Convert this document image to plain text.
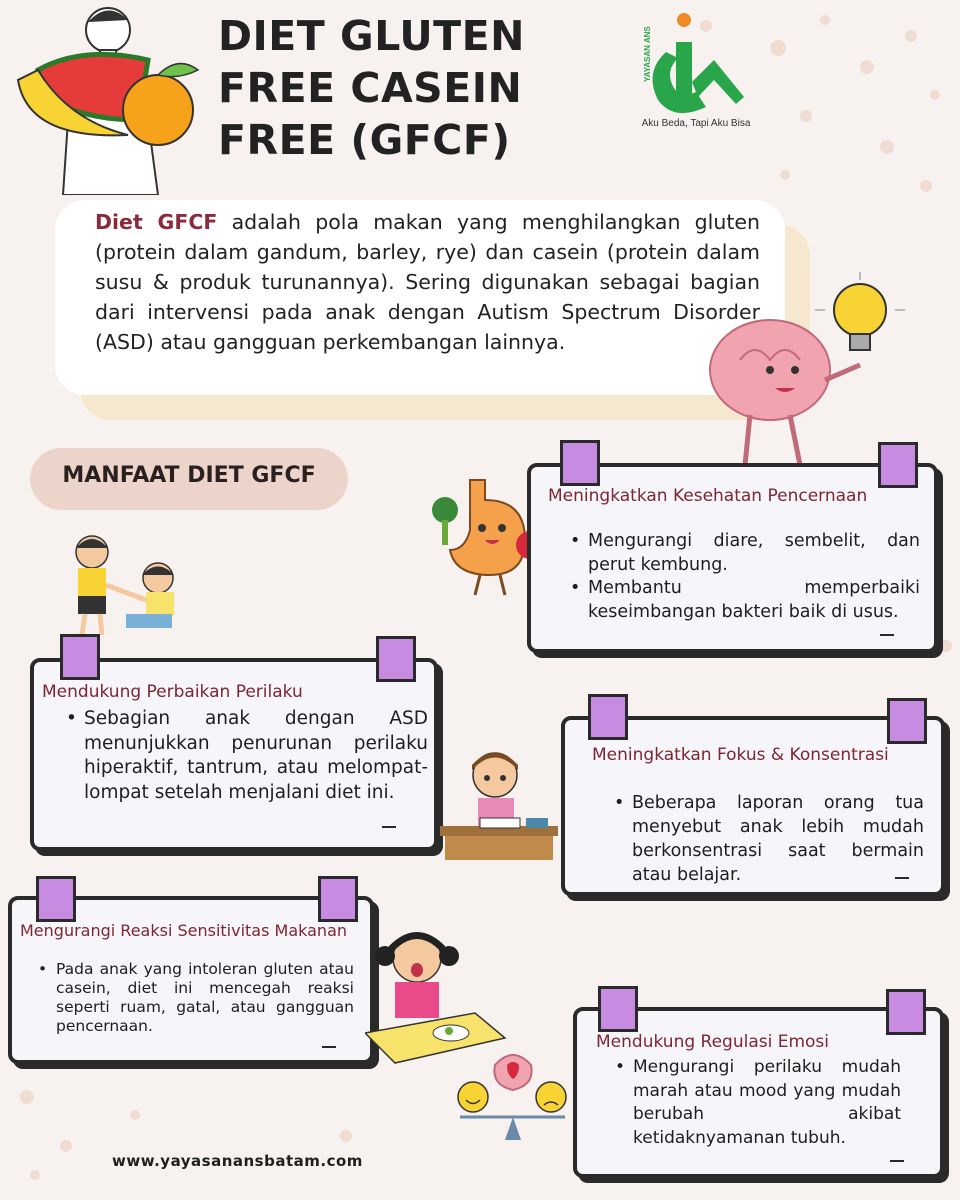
DIET GLUTEN
FREE CASEIN
FREE (GFCF)
YAYASAN ANS
Aku Beda, Tapi Aku Bisa
Diet GFCF adalah pola makan yang menghilangkan gluten (protein dalam gandum, barley, rye) dan casein (protein dalam susu & produk turunannya). Sering digunakan sebagai bagian dari intervensi pada anak dengan Autism Spectrum Disorder (ASD) atau gangguan perkembangan lainnya.
MANFAAT DIET GFCF
Meningkatkan Kesehatan Pencernaan
• Mengurangi diare, sembelit, dan perut kembung.
• Membantu memperbaiki keseimbangan bakteri baik di usus.
Mendukung Perbaikan Perilaku
• Sebagian anak dengan ASD menunjukkan penurunan perilaku hiperaktif, tantrum, atau melompat-lompat setelah menjalani diet ini.
Meningkatkan Fokus & Konsentrasi
• Beberapa laporan orang tua menyebut anak lebih mudah berkonsentrasi saat bermain atau belajar.
Mengurangi Reaksi Sensitivitas Makanan
• Pada anak yang intoleran gluten atau casein, diet ini mencegah reaksi seperti ruam, gatal, atau gangguan pencernaan.
Mendukung Regulasi Emosi
• Mengurangi perilaku mudah marah atau mood yang mudah berubah akibat ketidaknyamanan tubuh.
www.yayasanansbatam.com
